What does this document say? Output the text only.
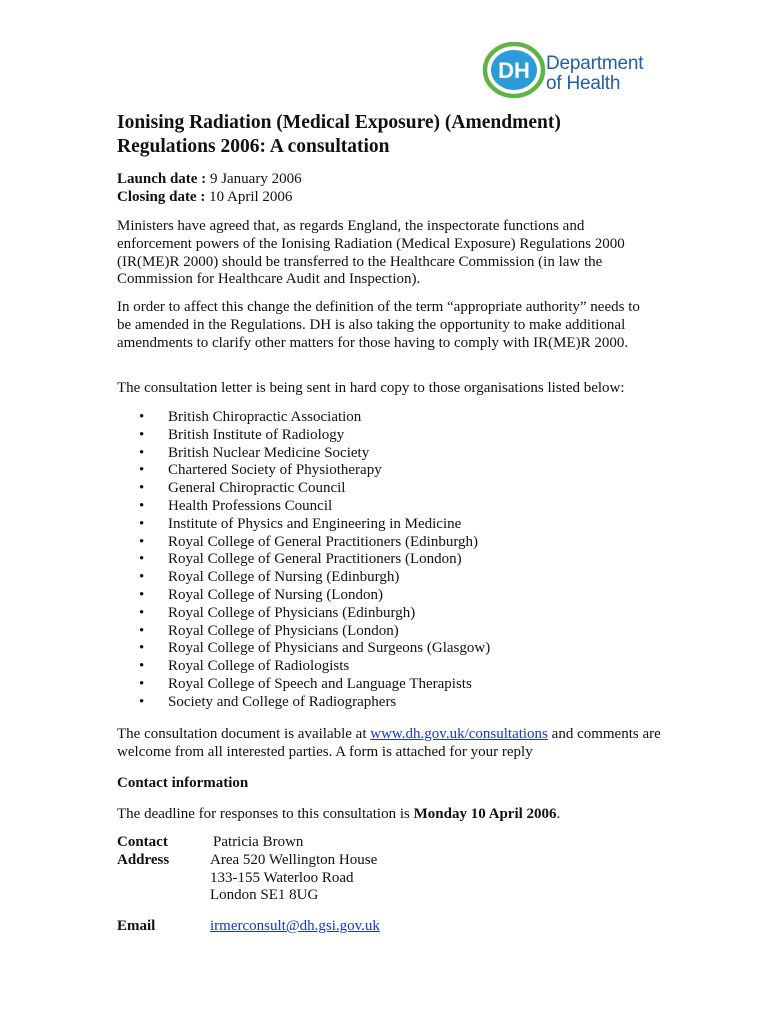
DH Department
of Health
Ionising Radiation (Medical Exposure) (Amendment)
Regulations 2006: A consultation
Launch date : 9 January 2006
Closing date : 10 April 2006

Ministers have agreed that, as regards England, the inspectorate functions and enforcement powers of the Ionising Radiation (Medical Exposure) Regulations 2000 (IR(ME)R 2000) should be transferred to the Healthcare Commission (in law the Commission for Healthcare Audit and Inspection).

In order to affect this change the definition of the term “appropriate authority” needs to be amended in the Regulations. DH is also taking the opportunity to make additional amendments to clarify other matters for those having to comply with IR(ME)R 2000.

The consultation letter is being sent in hard copy to those organisations listed below:

• British Chiropractic Association
• British Institute of Radiology
• British Nuclear Medicine Society
• Chartered Society of Physiotherapy
• General Chiropractic Council
• Health Professions Council
• Institute of Physics and Engineering in Medicine
• Royal College of General Practitioners (Edinburgh)
• Royal College of General Practitioners (London)
• Royal College of Nursing (Edinburgh)
• Royal College of Nursing (London)
• Royal College of Physicians (Edinburgh)
• Royal College of Physicians (London)
• Royal College of Physicians and Surgeons (Glasgow)
• Royal College of Radiologists
• Royal College of Speech and Language Therapists
• Society and College of Radiographers

The consultation document is available at www.dh.gov.uk/consultations and comments are welcome from all interested parties. A form is attached for your reply

Contact information

The deadline for responses to this consultation is Monday 10 April 2006.

Contact
Address
Patricia Brown
Area 520 Wellington House
133-155 Waterloo Road
London SE1 8UG
Email	irmerconsult@dh.gsi.gov.uk
